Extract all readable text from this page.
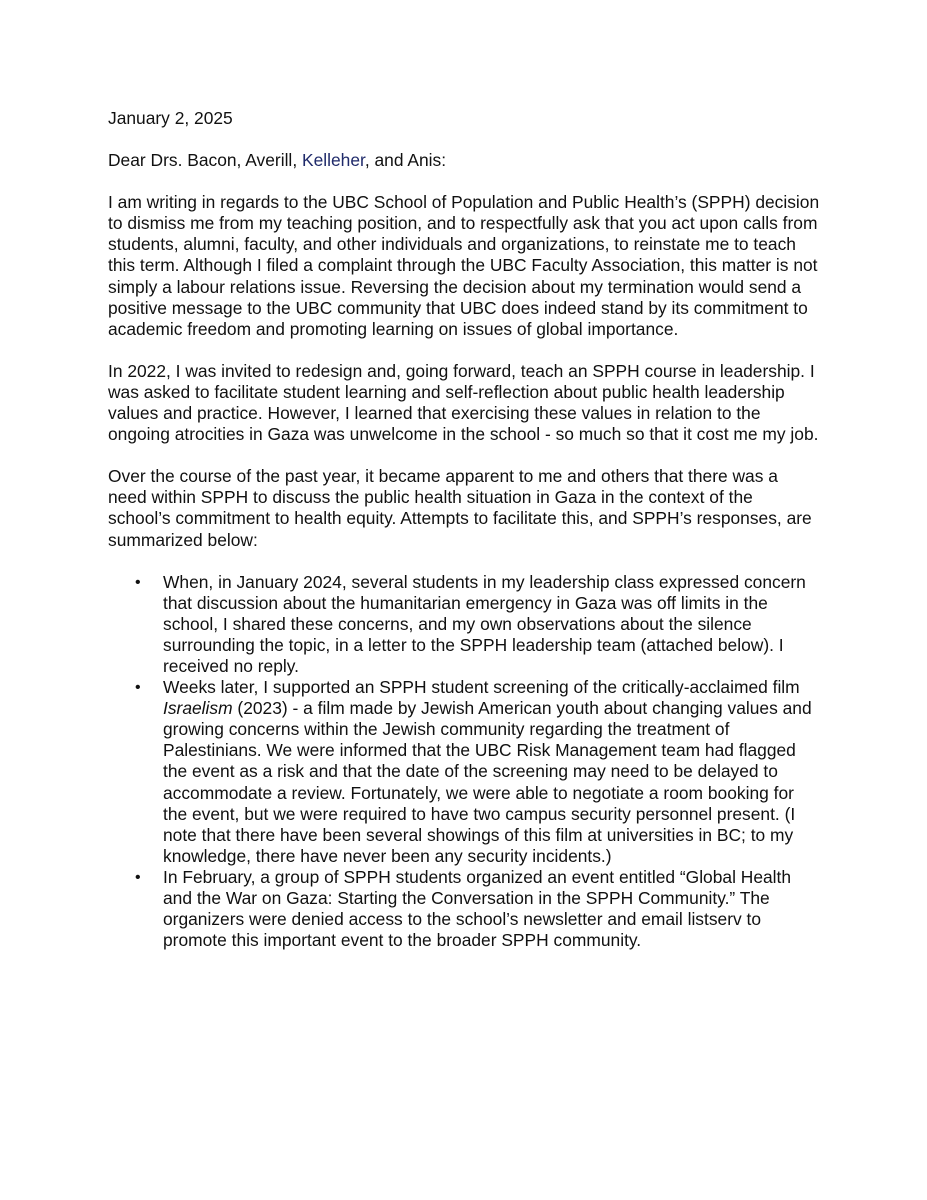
January 2, 2025

Dear Drs. Bacon, Averill, Kelleher, and Anis:

I am writing in regards to the UBC School of Population and Public Health’s (SPPH) decision to dismiss me from my teaching position, and to respectfully ask that you act upon calls from students, alumni, faculty, and other individuals and organizations, to reinstate me to teach this term. Although I filed a complaint through the UBC Faculty Association, this matter is not simply a labour relations issue. Reversing the decision about my termination would send a positive message to the UBC community that UBC does indeed stand by its commitment to academic freedom and promoting learning on issues of global importance.

In 2022, I was invited to redesign and, going forward, teach an SPPH course in leadership. I was asked to facilitate student learning and self-reflection about public health leadership values and practice. However, I learned that exercising these values in relation to the ongoing atrocities in Gaza was unwelcome in the school - so much so that it cost me my job.

Over the course of the past year, it became apparent to me and others that there was a need within SPPH to discuss the public health situation in Gaza in the context of the school’s commitment to health equity. Attempts to facilitate this, and SPPH’s responses, are summarized below:

• When, in January 2024, several students in my leadership class expressed concern that discussion about the humanitarian emergency in Gaza was off limits in the school, I shared these concerns, and my own observations about the silence surrounding the topic, in a letter to the SPPH leadership team (attached below). I received no reply.
• Weeks later, I supported an SPPH student screening of the critically-acclaimed film Israelism (2023) - a film made by Jewish American youth about changing values and growing concerns within the Jewish community regarding the treatment of Palestinians. We were informed that the UBC Risk Management team had flagged the event as a risk and that the date of the screening may need to be delayed to accommodate a review. Fortunately, we were able to negotiate a room booking for the event, but we were required to have two campus security personnel present. (I note that there have been several showings of this film at universities in BC; to my knowledge, there have never been any security incidents.)
• In February, a group of SPPH students organized an event entitled “Global Health and the War on Gaza: Starting the Conversation in the SPPH Community.” The organizers were denied access to the school’s newsletter and email listserv to promote this important event to the broader SPPH community.
